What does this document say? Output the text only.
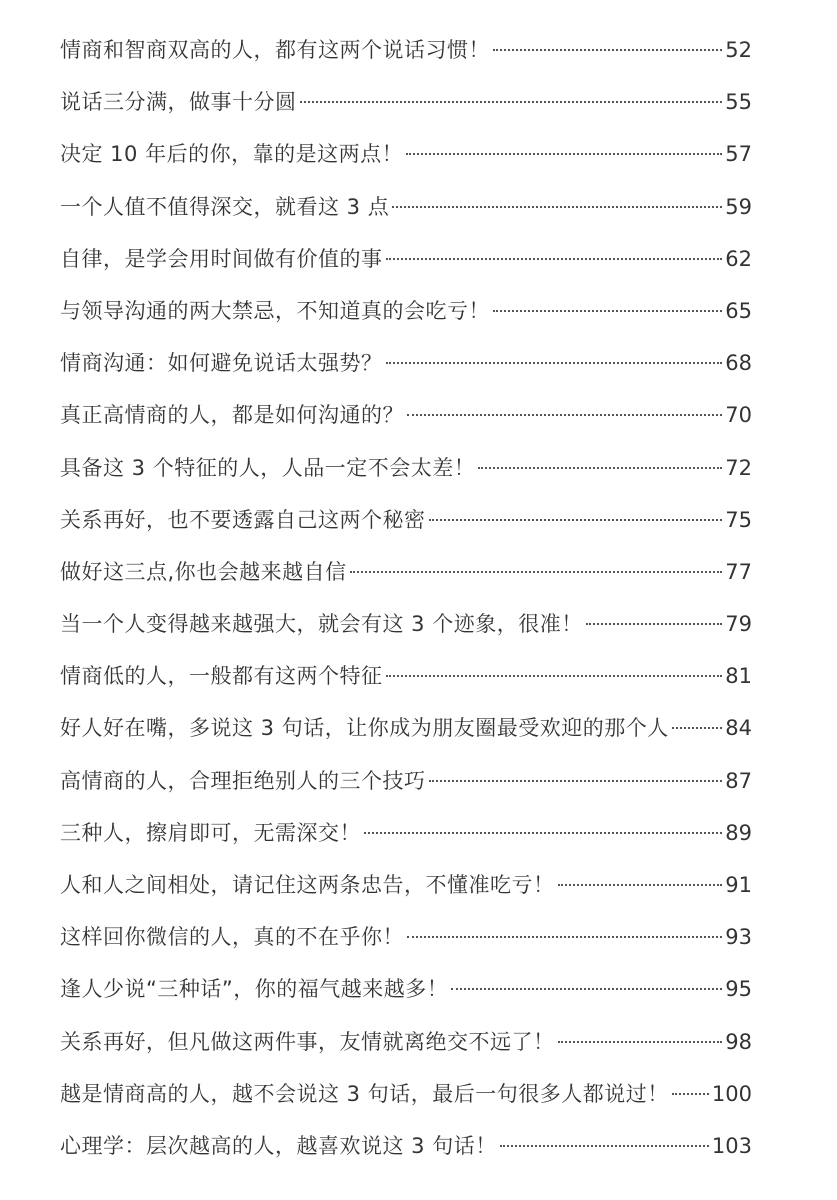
情商和智商双高的人，都有这两个说话习惯！	52
说话三分满，做事十分圆	55
决定 10 年后的你，靠的是这两点！	57
一个人值不值得深交，就看这 3 点	59
自律，是学会用时间做有价值的事	62
与领导沟通的两大禁忌，不知道真的会吃亏！	65
情商沟通：如何避免说话太强势？	68
真正高情商的人，都是如何沟通的？	70
具备这 3 个特征的人，人品一定不会太差！	72
关系再好，也不要透露自己这两个秘密	75
做好这三点,你也会越来越自信	77
当一个人变得越来越强大，就会有这 3 个迹象，很准！	79
情商低的人，一般都有这两个特征	81
好人好在嘴，多说这 3 句话，让你成为朋友圈最受欢迎的那个人	84
高情商的人，合理拒绝别人的三个技巧	87
三种人，擦肩即可，无需深交！	89
人和人之间相处，请记住这两条忠告，不懂准吃亏！	91
这样回你微信的人，真的不在乎你！	93
逢人少说“三种话”，你的福气越来越多！	95
关系再好，但凡做这两件事，友情就离绝交不远了！	98
越是情商高的人，越不会说这 3 句话，最后一句很多人都说过！ 100
心理学：层次越高的人，越喜欢说这 3 句话！	103
